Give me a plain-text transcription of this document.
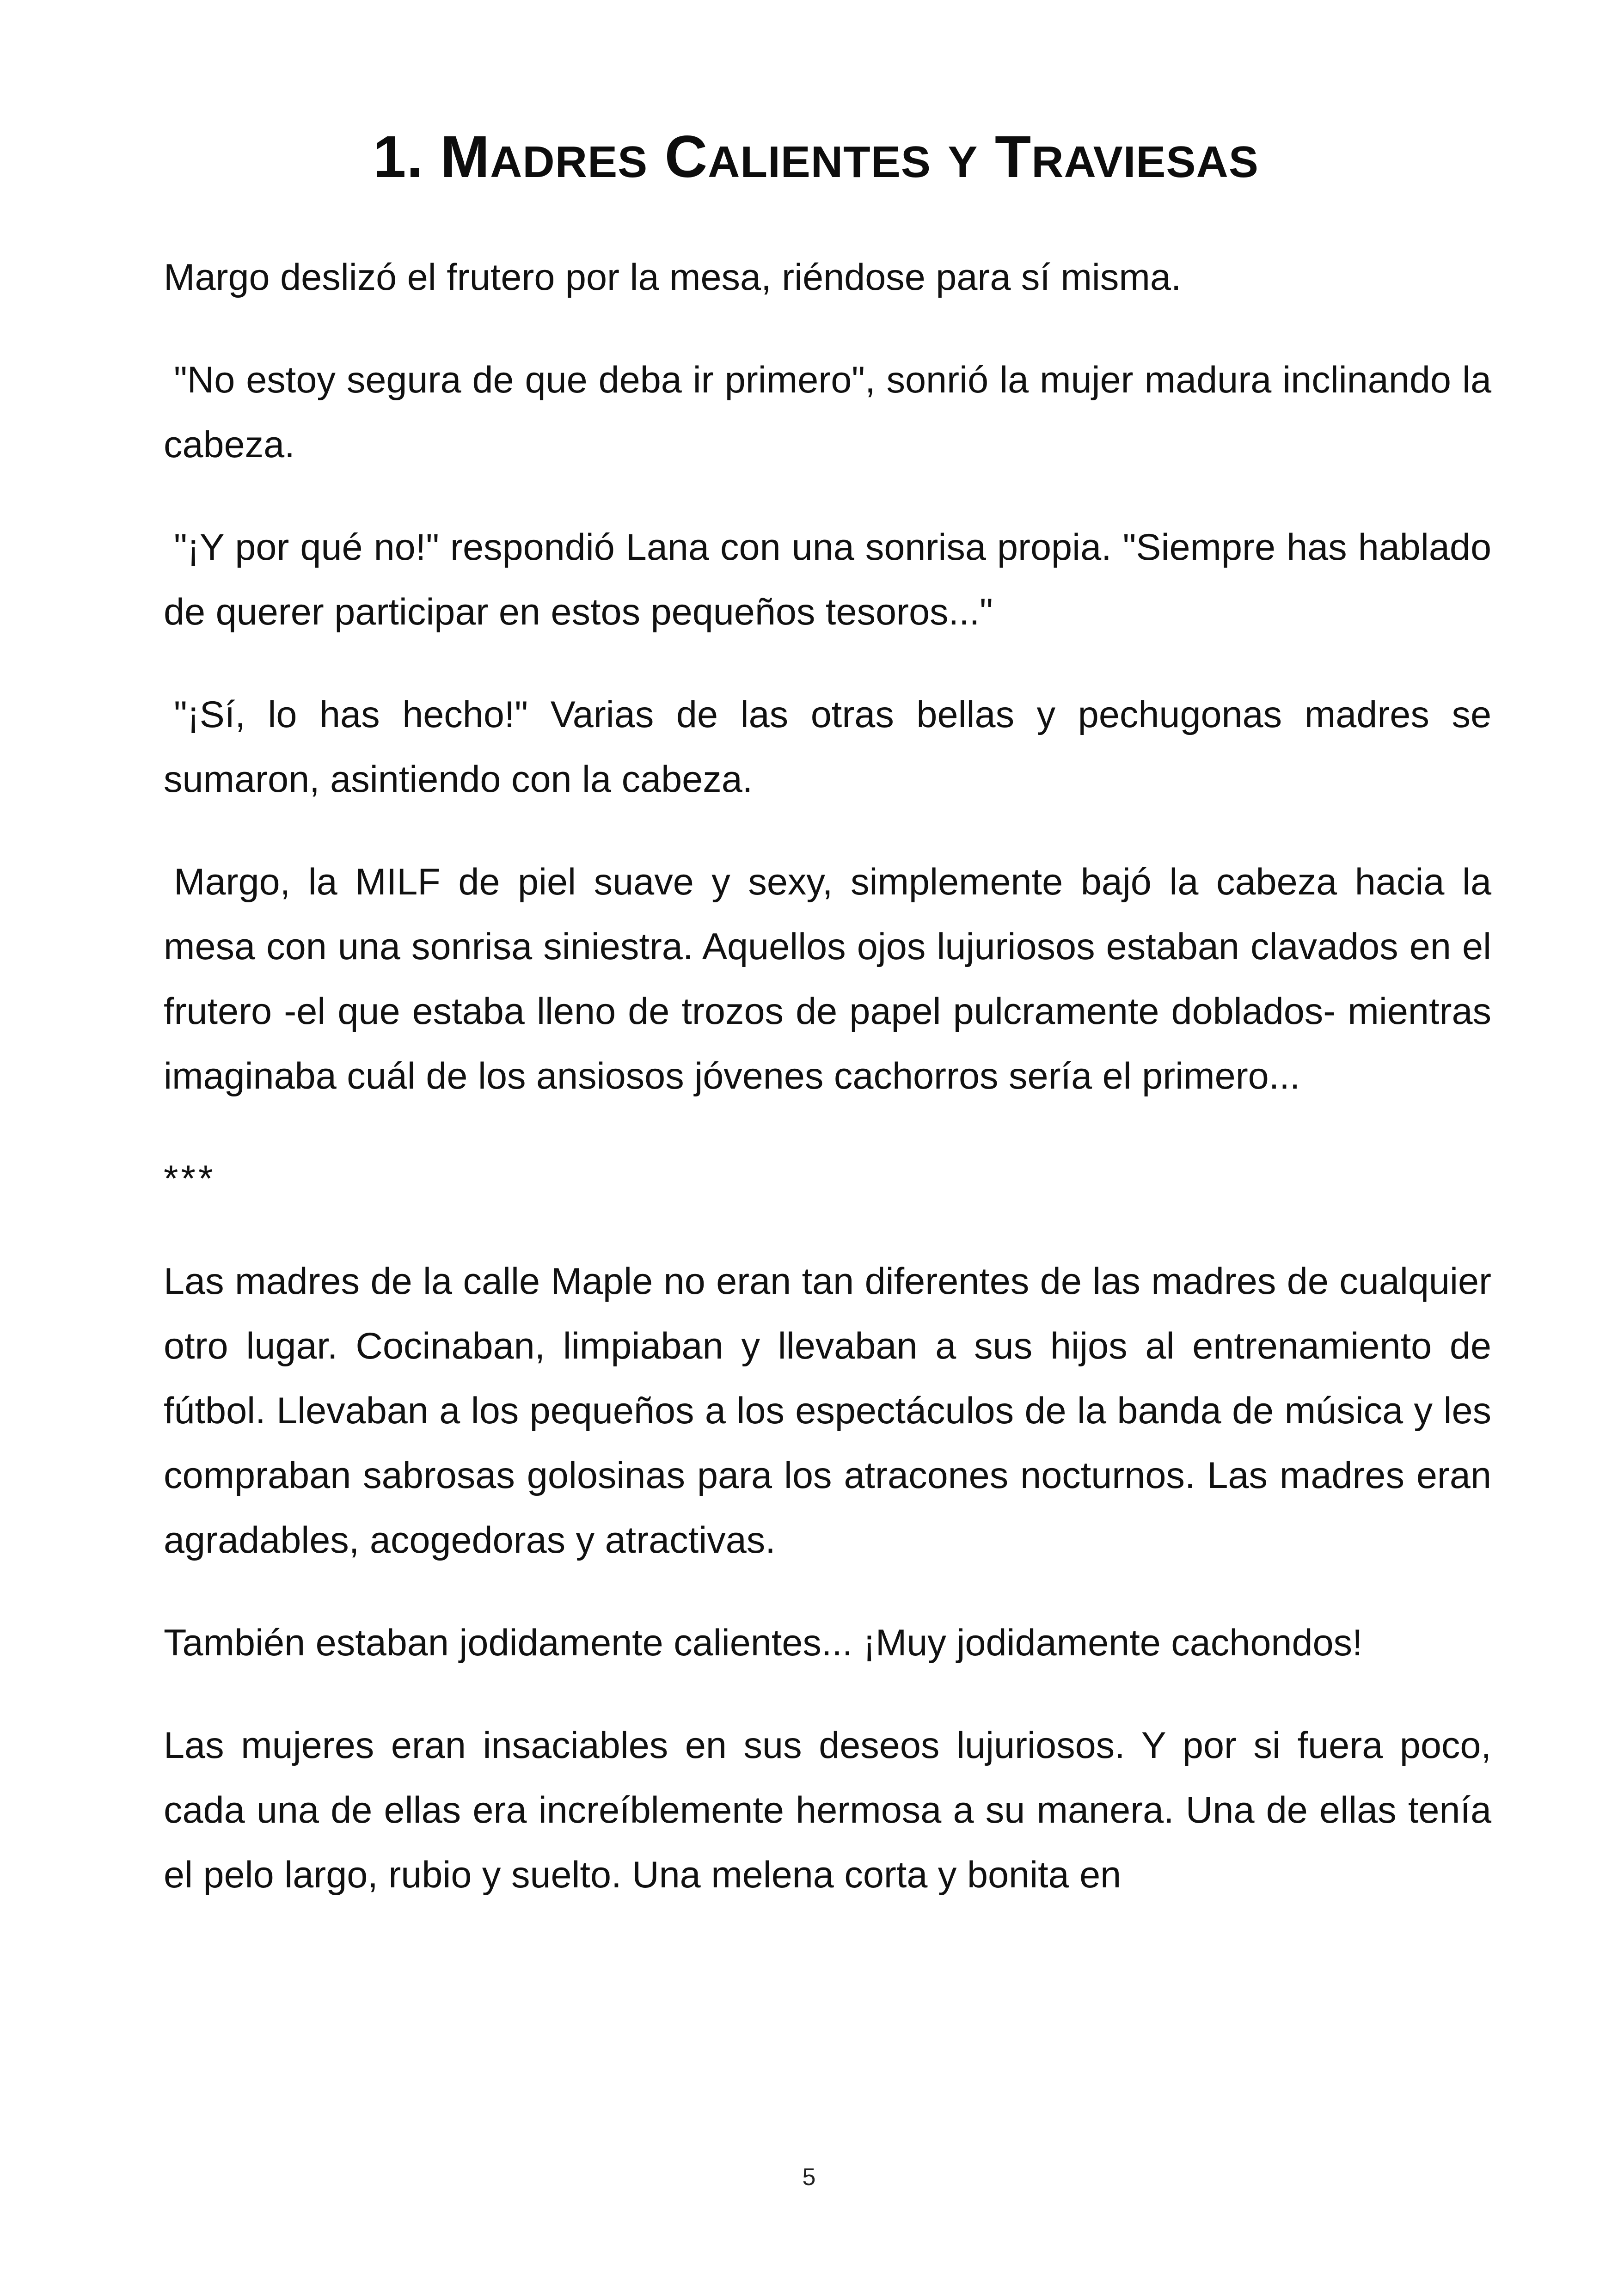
1. MADRES CALIENTES Y TRAVIESAS

Margo deslizó el frutero por la mesa, riéndose para sí misma.

"No estoy segura de que deba ir primero", sonrió la mujer madura inclinando la cabeza.

"¡Y por qué no!" respondió Lana con una sonrisa propia. "Siempre has hablado de querer participar en estos pequeños tesoros..."

"¡Sí, lo has hecho!" Varias de las otras bellas y pechugonas madres se sumaron, asintiendo con la cabeza.

Margo, la MILF de piel suave y sexy, simplemente bajó la cabeza hacia la mesa con una sonrisa siniestra. Aquellos ojos lujuriosos estaban clavados en el frutero -el que estaba lleno de trozos de papel pulcramente doblados- mientras imaginaba cuál de los ansiosos jóvenes cachorros sería el primero...

***

Las madres de la calle Maple no eran tan diferentes de las madres de cualquier otro lugar. Cocinaban, limpiaban y llevaban a sus hijos al entrenamiento de fútbol. Llevaban a los pequeños a los espectáculos de la banda de música y les compraban sabrosas golosinas para los atracones nocturnos. Las madres eran agradables, acogedoras y atractivas.

También estaban jodidamente calientes... ¡Muy jodidamente cachondos!

Las mujeres eran insaciables en sus deseos lujuriosos. Y por si fuera poco, cada una de ellas era increíblemente hermosa a su manera. Una de ellas tenía el pelo largo, rubio y suelto. Una melena corta y bonita en

5
